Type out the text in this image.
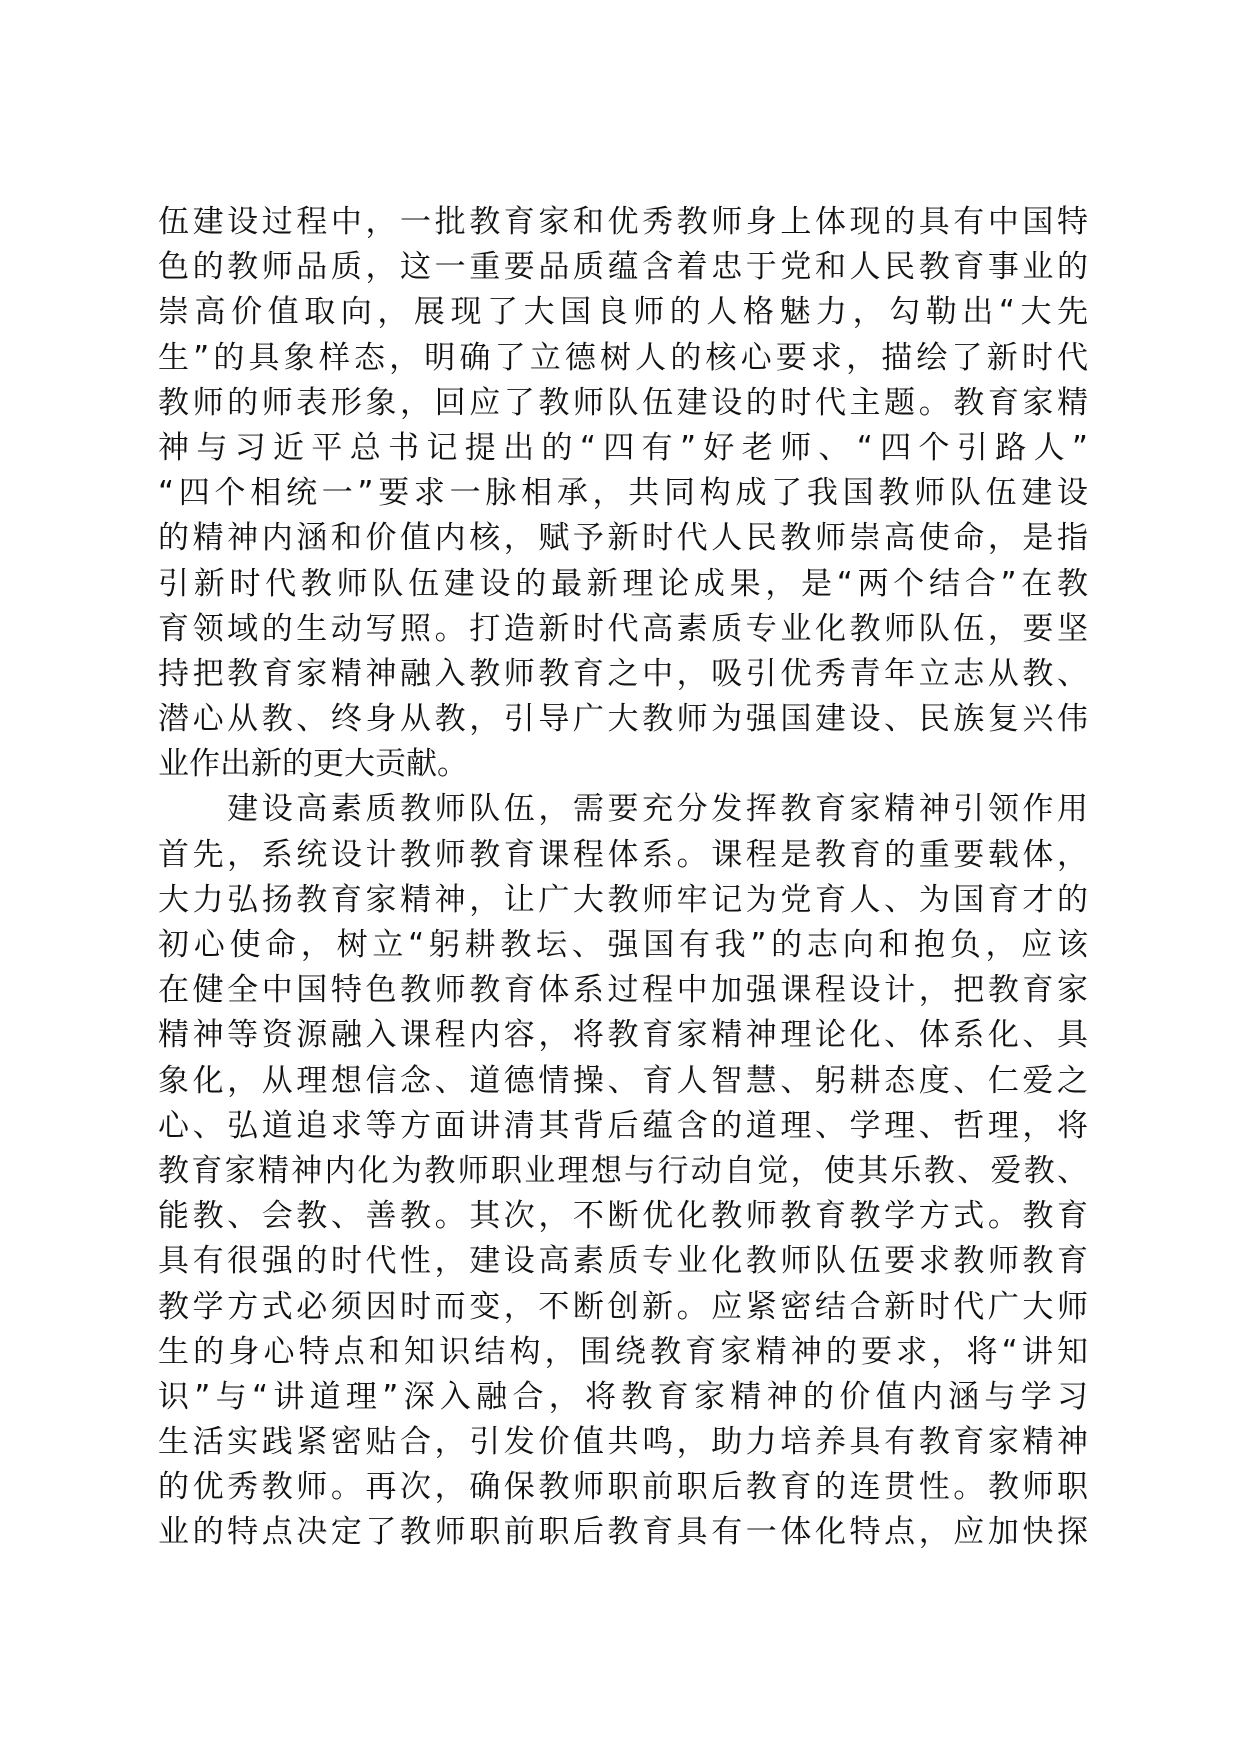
伍建设过程中，一批教育家和优秀教师身上体现的具有中国特
色的教师品质，这一重要品质蕴含着忠于党和人民教育事业的
崇高价值取向，展现了大国良师的人格魅力，勾勒出“大先
生”的具象样态，明确了立德树人的核心要求，描绘了新时代
教师的师表形象，回应了教师队伍建设的时代主题。教育家精
神与习近平总书记提出的“四有”好老师、“四个引路人”
“四个相统一”要求一脉相承，共同构成了我国教师队伍建设
的精神内涵和价值内核，赋予新时代人民教师崇高使命，是指
引新时代教师队伍建设的最新理论成果，是“两个结合”在教
育领域的生动写照。打造新时代高素质专业化教师队伍，要坚
持把教育家精神融入教师教育之中，吸引优秀青年立志从教、
潜心从教、终身从教，引导广大教师为强国建设、民族复兴伟
业作出新的更大贡献。
　　建设高素质教师队伍，需要充分发挥教育家精神引领作用
首先，系统设计教师教育课程体系。课程是教育的重要载体，
大力弘扬教育家精神，让广大教师牢记为党育人、为国育才的
初心使命，树立“躬耕教坛、强国有我”的志向和抱负，应该
在健全中国特色教师教育体系过程中加强课程设计，把教育家
精神等资源融入课程内容，将教育家精神理论化、体系化、具
象化，从理想信念、道德情操、育人智慧、躬耕态度、仁爱之
心、弘道追求等方面讲清其背后蕴含的道理、学理、哲理，将
教育家精神内化为教师职业理想与行动自觉，使其乐教、爱教、
能教、会教、善教。其次，不断优化教师教育教学方式。教育
具有很强的时代性，建设高素质专业化教师队伍要求教师教育
教学方式必须因时而变，不断创新。应紧密结合新时代广大师
生的身心特点和知识结构，围绕教育家精神的要求，将“讲知
识”与“讲道理”深入融合，将教育家精神的价值内涵与学习
生活实践紧密贴合，引发价值共鸣，助力培养具有教育家精神
的优秀教师。再次，确保教师职前职后教育的连贯性。教师职
业的特点决定了教师职前职后教育具有一体化特点，应加快探
